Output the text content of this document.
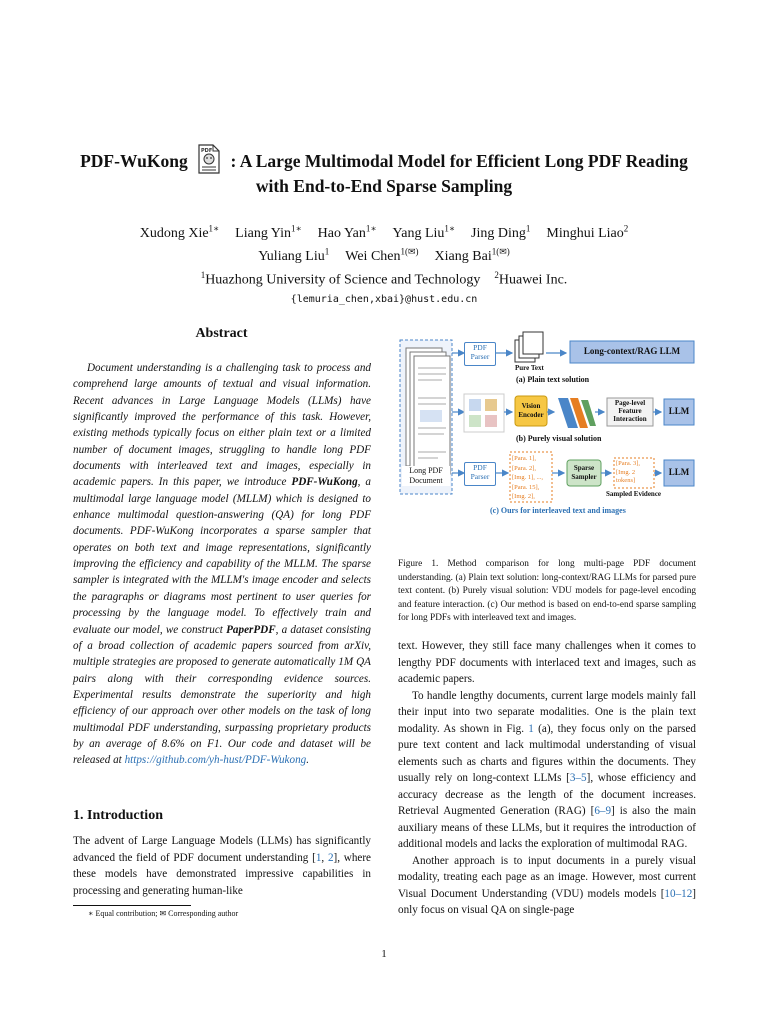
PDF-WuKong	PDF : A Large Multimodal Model for Efficient Long PDF Reading
with End-to-End Sparse Sampling
Xudong Xie$^{1∗}$ Liang Yin$^{1∗}$ Hao Yan$^{1∗}$ Yang Liu$^{1∗}$ Jing Ding$^1$ Minghui Liao$^2$
Yuliang Liu$^1$ Wei Chen$^{1(✉)}$ Xiang Bai$^{1(✉)}$
$^1$Huazhong University of Science and Technology $^2$Huawei Inc.
{lemuria_chen,xbai}@hust.edu.cn
Abstract
Document understanding is a challenging task to process and comprehend large amounts of textual and visual information. Recent advances in Large Language Models (LLMs) have significantly improved the performance of this task. However, existing methods typically focus on either plain text or a limited number of document images, struggling to handle long PDF documents with interleaved text and images, especially in academic papers. In this paper, we introduce PDF-WuKong, a multimodal large language model (MLLM) which is designed to enhance multimodal question-answering (QA) for long PDF documents. PDF-WuKong incorporates a sparse sampler that operates on both text and image representations, significantly improving the efficiency and capability of the MLLM. The sparse sampler is integrated with the MLLM's image encoder and selects the paragraphs or diagrams most pertinent to user queries for processing by the language model. To effectively train and evaluate our model, we construct PaperPDF, a dataset consisting of a broad collection of academic papers sourced from arXiv, multiple strategies are proposed to generate automatically 1M QA pairs along with their corresponding evidence sources. Experimental results demonstrate the superiority and high efficiency of our approach over other models on the task of long multimodal PDF understanding, surpassing proprietary products by an average of 8.6% on F1. Our code and dataset will be released at https://github.com/yh-hust/PDF-Wukong.
1. Introduction
The advent of Large Language Models (LLMs) has significantly advanced the field of PDF document understanding [1, 2], where these models have demonstrated impressive capabilities in processing and generating human-like
∗ Equal contribution; ✉ Corresponding author
PDF Parser
Pure Text
Long-context/RAG LLM
(a) Plain text solution
Vision Encoder
Page-level Feature Interaction
LLM
(b) Purely visual solution
Long PDF Document
PDF Parser
[Para. 1],
[Para. 2],
[Img. 1], ...,
[Para. 15],
[Img. 2],
Sparse Sampler
[Para. 3],
[Img. 2
tokens]
Sampled Evidence
LLM
(c) Ours for interleaved text and images
Figure 1. Method comparison for long multi-page PDF document understanding. (a) Plain text solution: long-context/RAG LLMs for parsed pure text content. (b) Purely visual solution: VDU models for page-level encoding and feature interaction. (c) Our method is based on end-to-end sparse sampling for long PDFs with interleaved text and images.

text. However, they still face many challenges when it comes to lengthy PDF documents with interlaced text and images, such as academic papers.

To handle lengthy documents, current large models mainly fall their input into two separate modalities. One is the plain text modality. As shown in Fig. 1 (a), they focus only on the parsed pure text content and lack multimodal understanding of visual elements such as charts and figures within the documents. They usually rely on long-context LLMs [3–5], whose efficiency and accuracy decrease as the length of the document increases. Retrieval Augmented Generation (RAG) [6–9] is also the main auxiliary means of these LLMs, but it requires the introduction of additional models and lacks the exploration of multimodal RAG.

Another approach is to input documents in a purely visual modality, treating each page as an image. However, most current Visual Document Understanding (VDU) models models [10–12] only focus on visual QA on single-page

1
